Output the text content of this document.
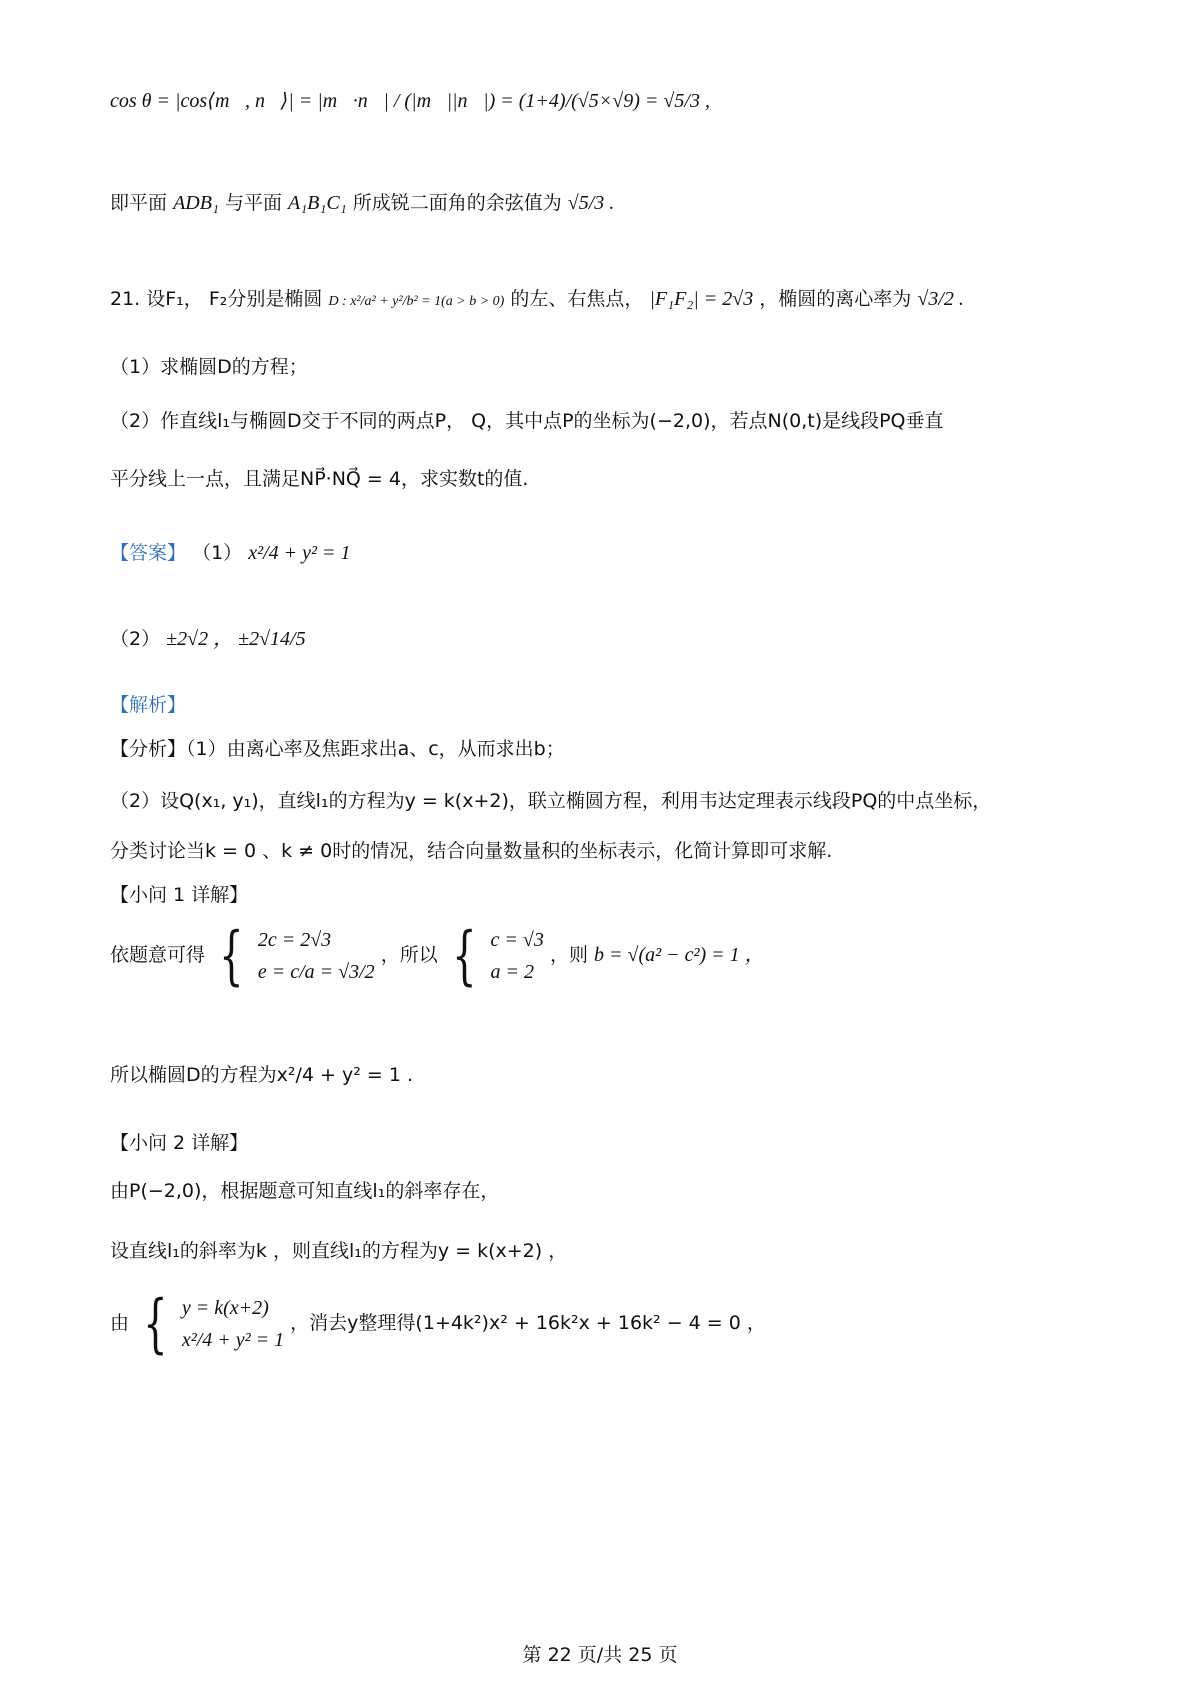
cos θ = |cos⟨m⃗, n⃗⟩| = |m⃗·n⃗| / (|m⃗||n⃗|) = (1+4)/(√5×√9) = √5/3 ,
即平面 ADB₁ 与平面 A₁B₁C₁ 所成锐二面角的余弦值为 √5/3 .
21. 设F₁， F₂分别是椭圆 D : x²/a² + y²/b² = 1(a > b > 0) 的左、右焦点， |F₁F₂| = 2√3 ，椭圆的离心率为 √3/2 .
（1）求椭圆D的方程；
（2）作直线l₁与椭圆D交于不同的两点P， Q，其中点P的坐标为(−2,0)，若点N(0,t)是线段PQ垂直
平分线上一点，且满足NP⃗·NQ⃗ = 4，求实数t的值.
【答案】 （1） x²/4 + y² = 1
（2） ±2√2 ， ±2√14/5
【解析】
【分析】（1）由离心率及焦距求出a、c，从而求出b；
（2）设Q(x₁, y₁)，直线l₁的方程为y = k(x+2)，联立椭圆方程，利用韦达定理表示线段PQ的中点坐标，
分类讨论当k = 0 、k ≠ 0时的情况，结合向量数量积的坐标表示，化简计算即可求解.
【小问 1 详解】
依题意可得 { 2c = 2√3
e = c/a = √3/2
，所以 { c = √3
a = 2
，则 b = √(a² − c²) = 1 ，
所以椭圆D的方程为x²/4 + y² = 1 .
【小问 2 详解】
由P(−2,0)，根据题意可知直线l₁的斜率存在，
设直线l₁的斜率为k ，则直线l₁的方程为y = k(x+2) ，
由 { y = k(x+2)
x²/4 + y² = 1
，消去y整理得(1+4k²)x² + 16k²x + 16k² − 4 = 0 ，
第 22 页/共 25 页
